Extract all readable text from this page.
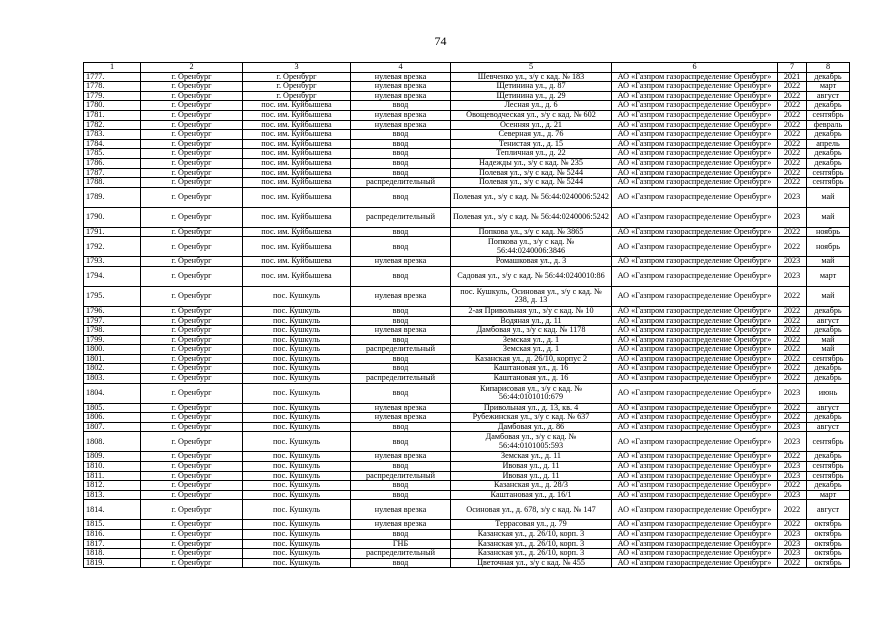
74
1	2	3	4	5	6	7	8
1777.	г. Оренбург	г. Оренбург	нулевая врезка	Шевченко ул., з/у с кад. № 183	АО «Газпром газораспределение Оренбург»	2021	декабрь
1778.	г. Оренбург	г. Оренбург	нулевая врезка	Щетинина ул., д. 87	АО «Газпром газораспределение Оренбург»	2022	март
1779.	г. Оренбург	г. Оренбург	нулевая врезка	Щетинина ул., д. 29	АО «Газпром газораспределение Оренбург»	2022	август
1780.	г. Оренбург	пос. им. Куйбышева	ввод	Лесная ул., д. 6	АО «Газпром газораспределение Оренбург»	2022	декабрь
1781.	г. Оренбург	пос. им. Куйбышева	нулевая врезка	Овощеводческая ул., з/у с кад. № 602	АО «Газпром газораспределение Оренбург»	2022	сентябрь
1782.	г. Оренбург	пос. им. Куйбышева	нулевая врезка	Осенняя ул., д. 21	АО «Газпром газораспределение Оренбург»	2022	февраль
1783.	г. Оренбург	пос. им. Куйбышева	ввод	Северная ул., д. 76	АО «Газпром газораспределение Оренбург»	2022	декабрь
1784.	г. Оренбург	пос. им. Куйбышева	ввод	Тенистая ул., д. 15	АО «Газпром газораспределение Оренбург»	2022	апрель
1785.	г. Оренбург	пос. им. Куйбышева	ввод	Тепличная ул., д. 22	АО «Газпром газораспределение Оренбург»	2022	декабрь
1786.	г. Оренбург	пос. им. Куйбышева	ввод	Надежды ул., з/у с кад. № 235	АО «Газпром газораспределение Оренбург»	2022	декабрь
1787.	г. Оренбург	пос. им. Куйбышева	ввод	Полевая ул., з/у с кад. № 5244	АО «Газпром газораспределение Оренбург»	2022	сентябрь
1788.	г. Оренбург	пос. им. Куйбышева	распределительный	Полевая ул., з/у с кад. № 5244	АО «Газпром газораспределение Оренбург»	2022	сентябрь
1789.	г. Оренбург	пос. им. Куйбышева	ввод	Полевая ул., з/у с кад. № 56:44:0240006:5242	АО «Газпром газораспределение Оренбург»	2023	май
1790.	г. Оренбург	пос. им. Куйбышева	распределительный	Полевая ул., з/у с кад. № 56:44:0240006:5242	АО «Газпром газораспределение Оренбург»	2023	май
1791.	г. Оренбург	пос. им. Куйбышева	ввод	Попкова ул., з/у с кад. № 3865	АО «Газпром газораспределение Оренбург»	2022	ноябрь
1792.	г. Оренбург	пос. им. Куйбышева	ввод	Попкова ул., з/у с кад. № 56:44:0240006:3846	АО «Газпром газораспределение Оренбург»	2022	ноябрь
1793.	г. Оренбург	пос. им. Куйбышева	нулевая врезка	Ромашковая ул., д. 3	АО «Газпром газораспределение Оренбург»	2023	май
1794.	г. Оренбург	пос. им. Куйбышева	ввод	Садовая ул., з/у с кад. № 56:44:0240010:86	АО «Газпром газораспределение Оренбург»	2023	март
1795.	г. Оренбург	пос. Кушкуль	нулевая врезка	пос. Кушкуль, Осиновая ул., з/у с кад. № 238, д. 13	АО «Газпром газораспределение Оренбург»	2022	май
1796.	г. Оренбург	пос. Кушкуль	ввод	2-ая Привольная ул., з/у с кад. № 10	АО «Газпром газораспределение Оренбург»	2022	декабрь
1797.	г. Оренбург	пос. Кушкуль	ввод	Водяная ул., д. 11	АО «Газпром газораспределение Оренбург»	2022	август
1798.	г. Оренбург	пос. Кушкуль	нулевая врезка	Дамбовая ул., з/у с кад. № 1178	АО «Газпром газораспределение Оренбург»	2022	декабрь
1799.	г. Оренбург	пос. Кушкуль	ввод	Земская ул., д. 1	АО «Газпром газораспределение Оренбург»	2022	май
1800.	г. Оренбург	пос. Кушкуль	распределительный	Земская ул., д. 1	АО «Газпром газораспределение Оренбург»	2022	май
1801.	г. Оренбург	пос. Кушкуль	ввод	Казанская ул., д. 26/10, корпус 2	АО «Газпром газораспределение Оренбург»	2022	сентябрь
1802.	г. Оренбург	пос. Кушкуль	ввод	Каштановая ул., д. 16	АО «Газпром газораспределение Оренбург»	2022	декабрь
1803.	г. Оренбург	пос. Кушкуль	распределительный	Каштановая ул., д. 16	АО «Газпром газораспределение Оренбург»	2022	декабрь
1804.	г. Оренбург	пос. Кушкуль	ввод	Кипарисовая ул., з/у с кад. № 56:44:0101010:679	АО «Газпром газораспределение Оренбург»	2023	июнь
1805.	г. Оренбург	пос. Кушкуль	нулевая врезка	Привольная ул., д. 13, кв. 4	АО «Газпром газораспределение Оренбург»	2022	август
1806.	г. Оренбург	пос. Кушкуль	нулевая врезка	Рубежинская ул., з/у с кад. № 637	АО «Газпром газораспределение Оренбург»	2022	декабрь
1807.	г. Оренбург	пос. Кушкуль	ввод	Дамбовая ул., д. 86	АО «Газпром газораспределение Оренбург»	2023	август
1808.	г. Оренбург	пос. Кушкуль	ввод	Дамбовая ул., з/у с кад. № 56:44:0101005:593	АО «Газпром газораспределение Оренбург»	2023	сентябрь
1809.	г. Оренбург	пос. Кушкуль	нулевая врезка	Земская ул., д. 11	АО «Газпром газораспределение Оренбург»	2022	декабрь
1810.	г. Оренбург	пос. Кушкуль	ввод	Ивовая ул., д. 11	АО «Газпром газораспределение Оренбург»	2023	сентябрь
1811.	г. Оренбург	пос. Кушкуль	распределительный	Ивовая ул., д. 11	АО «Газпром газораспределение Оренбург»	2023	сентябрь
1812.	г. Оренбург	пос. Кушкуль	ввод	Казанская ул., д. 28/3	АО «Газпром газораспределение Оренбург»	2022	декабрь
1813.	г. Оренбург	пос. Кушкуль	ввод	Каштановая ул., д. 16/1	АО «Газпром газораспределение Оренбург»	2023	март
1814.	г. Оренбург	пос. Кушкуль	нулевая врезка	Осиновая ул., д. 678, з/у с кад. № 147	АО «Газпром газораспределение Оренбург»	2022	август
1815.	г. Оренбург	пос. Кушкуль	нулевая врезка	Террасовая ул., д. 79	АО «Газпром газораспределение Оренбург»	2022	октябрь
1816.	г. Оренбург	пос. Кушкуль	ввод	Казанская ул., д. 26/10, корп. 3	АО «Газпром газораспределение Оренбург»	2023	октябрь
1817.	г. Оренбург	пос. Кушкуль	ГНБ	Казанская ул., д. 26/10, корп. 3	АО «Газпром газораспределение Оренбург»	2023	октябрь
1818.	г. Оренбург	пос. Кушкуль	распределительный	Казанская ул., д. 26/10, корп. 3	АО «Газпром газораспределение Оренбург»	2023	октябрь
1819.	г. Оренбург	пос. Кушкуль	ввод	Цветочная ул., з/у с кад. № 455	АО «Газпром газораспределение Оренбург»	2022	октябрь
